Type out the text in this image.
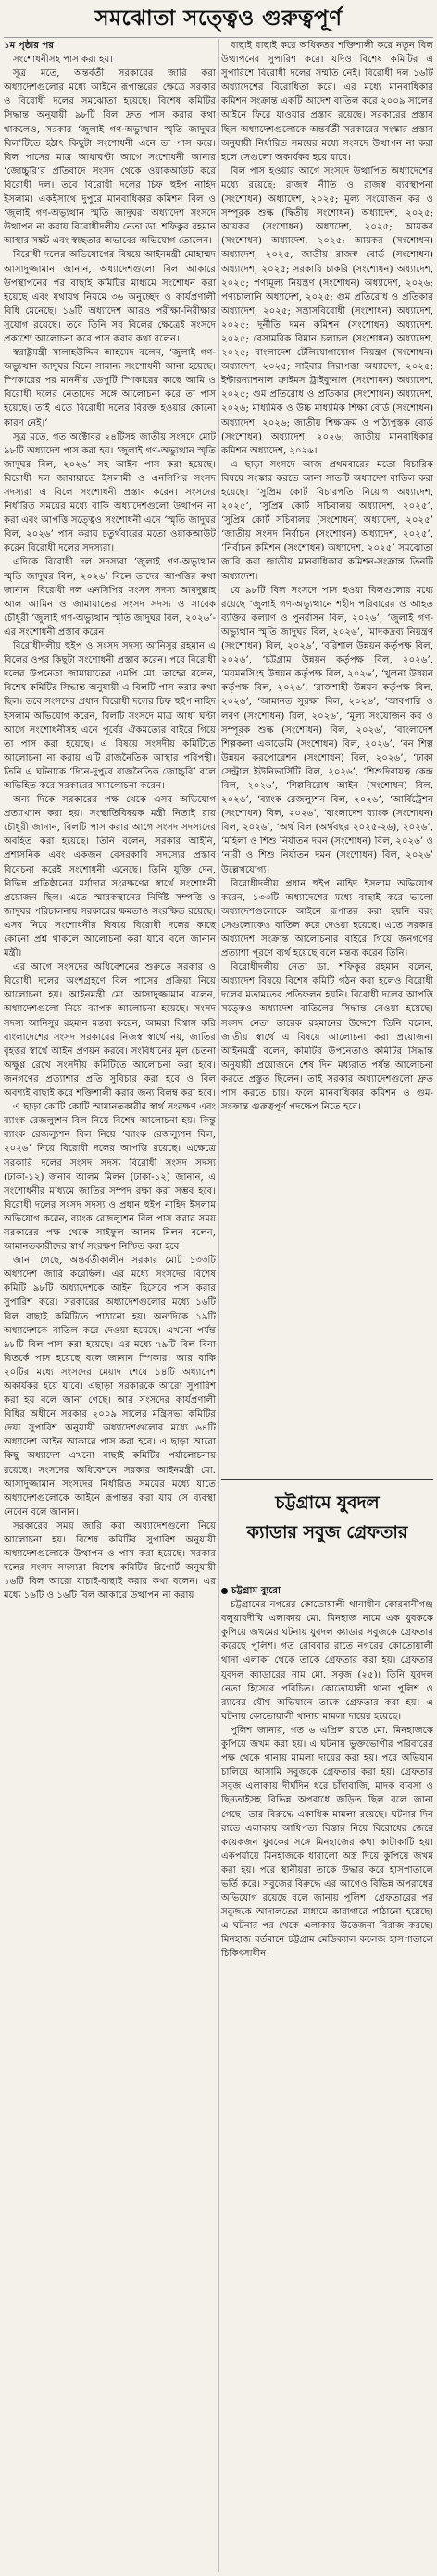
সমঝোতা সত্ত্বেও গুরুত্বপূর্ণ

১ম পৃষ্ঠার পর

সংশোধনীসহ পাস করা হয়।

সূত্র মতে, অন্তর্বর্তী সরকারের জারি করা অধ্যাদেশগুলোর মধ্যে আইনে রূপান্তরের ক্ষেত্রে সরকার ও বিরোধী দলের সমঝোতা হয়েছে। বিশেষ কমিটির সিদ্ধান্ত অনুযায়ী ৯৮টি বিল দ্রুত পাস করার কথা থাকলেও, সরকার ‘জুলাই গণ-অভ্যুত্থান স্মৃতি জাদুঘর বিল’টিতে হঠাৎ কিছুটা সংশোধনী এনে তা পাস করে। বিল পাসের মাত্র আধাঘণ্টা আগে সংশোধনী আনার ‘জোচ্চুরি’র প্রতিবাদে সংসদ থেকে ওয়াকআউট করে বিরোধী দল। তবে বিরোধী দলের চিফ হুইপ নাহিদ ইসলাম। একইসাথে দুপুরে মানবাধিকার কমিশন বিল ও ‘জুলাই গণ-অভ্যুত্থান স্মৃতি জাদুঘর’ অধ্যাদেশ সংসদে উত্থাপন না করায় বিরোধীদলীয় নেতা ডা. শফিকুর রহমান আস্থার সঙ্কট এবং স্বচ্ছতার অভাবের অভিযোগ তোলেন।

বিরোধী দলের অভিযোগের বিষয়ে আইনমন্ত্রী মোহাম্মদ আসাদুজ্জামান জানান, অধ্যাদেশগুলো বিল আকারে উপস্থাপনের পর বাছাই কমিটির মাধ্যমে সংশোধন করা হয়েছে এবং যথাযথ নিয়মে ৩৬ অনুচ্ছেদ ও কার্যপ্রণালী বিধি মেনেছে। ১৬টি অধ্যাদেশ আরও পরীক্ষা-নিরীক্ষার সুযোগ রয়েছে। তবে তিনি সব বিলের ক্ষেত্রেই সংসদে প্রকাশ্যে আলোচনা করে পাস করার কথা বলেন।

স্বরাষ্ট্রমন্ত্রী সালাহউদ্দিন আহমেদ বলেন, ‘জুলাই গণ-অভ্যুত্থান জাদুঘর বিলে সামান্য সংশোধনী আনা হয়েছে। স্পিকারের পর মাননীয় ডেপুটি স্পিকারের কাছে আমি ও বিরোধী দলের নেতাদের সঙ্গে আলোচনা করে তা পাস হয়েছে। তাই এতে বিরোধী দলের বিরক্ত হওয়ার কোনো কারণ নেই।’

সূত্র মতে, গত অক্টোবর ২৪টিসহ জাতীয় সংসদে মোট ৯৮টি অধ্যাদেশ পাস করা হয়। ‘জুলাই গণ-অভ্যুত্থান স্মৃতি জাদুঘর বিল, ২০২৬’ সহ আইন পাস করা হয়েছে। বিরোধী দল জামায়াতে ইসলামী ও এনসিপির সংসদ সদস্যরা এ বিলে সংশোধনী প্রস্তাব করেন। সংসদের নির্ধারিত সময়ের মধ্যে বাকি অধ্যাদেশগুলো উত্থাপন না করা এবং আপত্তি সত্ত্বেও সংশোধনী এনে ‘স্মৃতি জাদুঘর বিল, ২০২৬’ পাস করায় চতুর্থবারের মতো ওয়াকআউট করেন বিরোধী দলের সদস্যরা।

এদিকে বিরোধী দল সদস্যরা ‘জুলাই গণ-অভ্যুত্থান স্মৃতি জাদুঘর বিল, ২০২৬’ বিলে তাদের আপত্তির কথা জানান। বিরোধী দল এনসিপির সংসদ সদস্য আবদুল্লাহ আল আমিন ও জামায়াতের সংসদ সদস্য ও সাবেক চৌধুরী ‘জুলাই গণ-অভ্যুত্থান স্মৃতি জাদুঘর বিল, ২০২৬’-এর সংশোধনী প্রস্তাব করেন।

বিরোধীদলীয় হুইপ ও সংসদ সদস্য আনিসুর রহমান এ বিলের ওপর কিছুটা সংশোধনী প্রস্তাব করেন। পরে বিরোধী দলের উপনেতা জামায়াতের এমপি মো. তাহের বলেন, বিশেষ কমিটির সিদ্ধান্ত অনুযায়ী এ বিলটি পাস করার কথা ছিল। তবে সংসদের প্রধান বিরোধী দলের চিফ হুইপ নাহিদ ইসলাম অভিযোগ করেন, বিলটি সংসদে মাত্র আধা ঘণ্টা আগে সংশোধনীসহ এনে পূর্বের ঐকমত্যের বাইরে গিয়ে তা পাস করা হয়েছে। এ বিষয়ে সংসদীয় কমিটিতে আলোচনা না করায় এটি রাজনৈতিক আস্থার পরিপন্থী। তিনি এ ঘটনাকে ‘দিনে-দুপুরে রাজনৈতিক জোচ্চুরি’ বলে অভিহিত করে সরকারের সমালোচনা করেন।

অন্য দিকে সরকারের পক্ষ থেকে এসব অভিযোগ প্রত্যাখ্যান করা হয়। সংস্থাতিবিষয়ক মন্ত্রী নিতাই রায় চৌধুরী জানান, বিলটি পাস করার আগে সংসদ সদস্যদের অবহিত করা হয়েছে। তিনি বলেন, সরকার আইনি, প্রশাসনিক এবং একজন বেসরকারি সদস্যের প্রস্তাব বিবেচনা করেই সংশোধনী এনেছে। তিনি যুক্তি দেন, বিভিন্ন প্রতিষ্ঠানের মর্যাদার সংরক্ষণের স্বার্থে সংশোধনী প্রয়োজন ছিল। এতে স্মারকস্থানের নির্দিষ্ট সম্পত্তি ও জাদুঘর পরিচালনায় সরকারের ক্ষমতাও সংরক্ষিত রয়েছে। এসব নিয়ে সংশোধনীর বিষয়ে বিরোধী দলের কাছে কোনো প্রশ্ন থাকলে আলোচনা করা যাবে বলে জানান মন্ত্রী।

এর আগে সংসদের অধিবেশনের শুরুতে সরকার ও বিরোধী দলের অংশগ্রহণে বিল পাসের প্রক্রিয়া নিয়ে আলোচনা হয়। আইনমন্ত্রী মো. আসাদুজ্জামান বলেন, অধ্যাদেশগুলো নিয়ে ব্যাপক আলোচনা হয়েছে। সংসদ সদস্য আনিসুর রহমান মন্তব্য করেন, আমরা বিশ্বাস করি বাংলাদেশের সংসদ সরকারের নিজস্ব স্বার্থে নয়, জাতির বৃহত্তর স্বার্থে আইন প্রণয়ন করবে। সংবিধানের মূল চেতনা অক্ষুণ্ণ রেখে সংসদীয় কমিটিতে আলোচনা করা হবে। জনগণের প্রত্যাশার প্রতি সুবিচার করা হবে ও বিল অবশ্যই বাছাই করে শক্তিশালী করার জন্য বিলম্ব করা হবে।

এ ছাড়া কোটি কোটি আমানতকারীর স্বার্থ সংরক্ষণ এবং ব্যাংক রেজল্যুশন বিল নিয়ে বিশেষ আলোচনা হয়। কিন্তু ব্যাংক রেজল্যুশন বিল নিয়ে ‘ব্যাংক রেজল্যুশন বিল, ২০২৬’ নিয়ে বিরোধী দলের আপত্তি রয়েছে। এক্ষেত্রে সরকারি দলের সংসদ সদস্য বিরোধী সংসদ সদস্য (ঢাকা-১২) জনাব আলম মিলন (ঢাকা-১২) জানান, এ সংশোধনীর মাধ্যমে জাতির সম্পদ রক্ষা করা সম্ভব হবে। বিরোধী দলের সংসদ সদস্য ও প্রধান হুইপ নাহিদ ইসলাম অভিযোগ করেন, ব্যাংক রেজল্যুশন বিল পাস করার সময় সরকারের পক্ষ থেকে সাইফুল আলম মিলন বলেন, আমানতকারীদের স্বার্থ সংরক্ষণ নিশ্চিত করা হবে।

জানা গেছে, অন্তর্বর্তীকালীন সরকার মোট ১৩৩টি অধ্যাদেশ জারি করেছিল। এর মধ্যে সংসদের বিশেষ কমিটি ৯৮টি অধ্যাদেশকে আইন হিসেবে পাস করার সুপারিশ করে। সরকারের অধ্যাদেশগুলোর মধ্যে ১৬টি বিল বাছাই কমিটিতে পাঠানো হয়। অন্যদিকে ১৯টি অধ্যাদেশকে বাতিল করে দেওয়া হয়েছে। এখনো পর্যন্ত ৯৮টি বিল পাস করা হয়েছে। এর মধ্যে ৭৯টি বিল বিনা বিতর্কে পাস হয়েছে বলে জানান স্পিকার। আর বাকি ২০টির মধ্যে সংসদের মেয়াদ শেষে ১৪টি অধ্যাদেশ অকার্যকর হয়ে যাবে। এছাড়া সরকারকে আরো সুপারিশ করা হয় বলে জানা গেছে। আর সংসদের কার্যপ্রণালী বিধির অধীনে সরকার ২০০৯ সালের মন্ত্রিসভা কমিটির দেয়া সুপারিশ অনুযায়ী অধ্যাদেশগুলোর মধ্যে ৬৪টি অধ্যাদেশ আইন আকারে পাস করা হবে। এ ছাড়া আরো কিছু অধ্যাদেশ এখনো বাছাই কমিটির পর্যালোচনায় রয়েছে। সংসদের অধিবেশনে সরকার আইনমন্ত্রী মো. আসাদুজ্জামান সংসদের নির্ধারিত সময়ের মধ্যে যাতে অধ্যাদেশগুলোকে আইনে রূপান্তর করা যায় সে ব্যবস্থা নেবেন বলে জানান।

সরকারের সময় জারি করা অধ্যাদেশগুলো নিয়ে আলোচনা হয়। বিশেষ কমিটির সুপারিশ অনুযায়ী অধ্যাদেশগুলোকে উত্থাপন ও পাস করা হয়েছে। সরকার দলের সংসদ সদস্যরা বিশেষ কমিটির রিপোর্ট অনুযায়ী ১৬টি বিল আরো যাচাই-বাছাই করার কথা বলেন। এর মধ্যে ১৬টি ও ১৬টি বিল আকারে উত্থাপন না করায়

বাছাই বাছাই করে অধিকতর শক্তিশালী করে নতুন বিল উত্থাপনের সুপারিশ করে। যদিও বিশেষ কমিটির এ সুপারিশে বিরোধী দলের সম্মতি নেই। বিরোধী দল ১৬টি অধ্যাদেশের বিরোধিতা করে। এর মধ্যে মানবাধিকার কমিশন সংক্রান্ত একটি আদেশ বাতিল করে ২০০৯ সালের আইনে ফিরে যাওয়ার প্রস্তাব রয়েছে। সরকারের প্রস্তাব ছিল অধ্যাদেশগুলোকে অন্তর্বর্তী সরকারের সংস্কার প্রস্তাব অনুযায়ী নির্ধারিত সময়ের মধ্যে সংসদে উত্থাপন না করা হলে সেগুলো অকার্যকর হয়ে যাবে।

বিল পাস হওয়ার আগে সংসদে উত্থাপিত অধ্যাদেশের মধ্যে রয়েছে: রাজস্ব নীতি ও রাজস্ব ব্যবস্থাপনা (সংশোধন) অধ্যাদেশ, ২০২৫; মূল্য সংযোজন কর ও সম্পূরক শুল্ক (দ্বিতীয় সংশোধন) অধ্যাদেশ, ২০২৫; আয়কর (সংশোধন) অধ্যাদেশ, ২০২৫; আয়কর (সংশোধন) অধ্যাদেশ, ২০২৫; আয়কর (সংশোধন) অধ্যাদেশ, ২০২৫; জাতীয় রাজস্ব বোর্ড (সংশোধন) অধ্যাদেশ, ২০২৫; সরকারি চাকরি (সংশোধন) অধ্যাদেশ, ২০২৫; পণ্যমূল্য নিয়ন্ত্রণ (সংশোধন) অধ্যাদেশ, ২০২৬; পণ্যচালানি অধ্যাদেশ, ২০২৫; গুম প্রতিরোধ ও প্রতিকার অধ্যাদেশ, ২০২৫; সন্ত্রাসবিরোধী (সংশোধন) অধ্যাদেশ, ২০২৫; দুর্নীতি দমন কমিশন (সংশোধন) অধ্যাদেশ, ২০২৫; বেসামরিক বিমান চলাচল (সংশোধন) অধ্যাদেশ, ২০২৫; বাংলাদেশ টেলিযোগাযোগ নিয়ন্ত্রণ (সংশোধন) অধ্যাদেশ, ২০২৫; সাইবার নিরাপত্তা অধ্যাদেশ, ২০২৫; ইন্টারন্যাশনাল ক্রাইমস ট্রাইব্যুনাল (সংশোধন) অধ্যাদেশ, ২০২৫; গুম প্রতিরোধ ও প্রতিকার (সংশোধন) অধ্যাদেশ, ২০২৬; মাধ্যমিক ও উচ্চ মাধ্যমিক শিক্ষা বোর্ড (সংশোধন) অধ্যাদেশ, ২০২৬; জাতীয় শিক্ষাক্রম ও পাঠ্যপুস্তক বোর্ড (সংশোধন) অধ্যাদেশ, ২০২৬; জাতীয় মানবাধিকার কমিশন অধ্যাদেশ, ২০২৬।

এ ছাড়া সংসদে আজ প্রথমবারের মতো বিচারিক বিষয়ে সংস্কার করতে আনা সাতটি অধ্যাদেশ বাতিল করা হয়েছে। ‘সুপ্রিম কোর্ট বিচারপতি নিয়োগ অধ্যাদেশ, ২০২৫’, ‘সুপ্রিম কোর্ট সচিবালয় অধ্যাদেশ, ২০২৫’, ‘সুপ্রিম কোর্ট সচিবালয় (সংশোধন) অধ্যাদেশ, ২০২৫’ ‘জাতীয় সংসদ নির্বাচন (সংশোধন) অধ্যাদেশ, ২০২৫’, ‘নির্বাচন কমিশন (সংশোধন) অধ্যাদেশ, ২০২৫’ সমঝোতা জারি করা জাতীয় মানবাধিকার কমিশন-সংক্রান্ত তিনটি অধ্যাদেশ।

যে ৯৮টি বিল সংসদে পাস হওয়া বিলগুলোর মধ্যে রয়েছে ‘জুলাই গণ-অভ্যুত্থানে শহীদ পরিবারের ও আহত ব্যক্তির কল্যাণ ও পুনর্বাসন বিল, ২০২৬’, ‘জুলাই গণ-অভ্যুত্থান স্মৃতি জাদুঘর বিল, ২০২৬’, ‘মাদকদ্রব্য নিয়ন্ত্রণ (সংশোধন) বিল, ২০২৬’, ‘বরিশাল উন্নয়ন কর্তৃপক্ষ বিল, ২০২৬’, ‘চট্টগ্রাম উন্নয়ন কর্তৃপক্ষ বিল, ২০২৬’, ‘ময়মনসিংহ উন্নয়ন কর্তৃপক্ষ বিল, ২০২৬’, ‘খুলনা উন্নয়ন কর্তৃপক্ষ বিল, ২০২৬’, ‘রাজশাহী উন্নয়ন কর্তৃপক্ষ বিল, ২০২৬’, ‘আমানত সুরক্ষা বিল, ২০২৬’, ‘আবগারি ও লবণ (সংশোধন) বিল, ২০২৬’, ‘মূল্য সংযোজন কর ও সম্পূরক শুল্ক (সংশোধন) বিল, ২০২৬’, ‘বাংলাদেশ শিল্পকলা একাডেমি (সংশোধন) বিল, ২০২৬’, ‘বন শিল্প উন্নয়ন করপোরেশন (সংশোধন) বিল, ২০২৬’, ‘ঢাকা সেন্ট্রাল ইউনিভার্সিটি বিল, ২০২৬’, ‘শিশুদিবাযত্ন কেন্দ্র বিল, ২০২৬’, ‘শিল্পবিরোধ আইন (সংশোধন) বিল, ২০২৬’, ‘ব্যাংক রেজল্যুশন বিল, ২০২৬’, ‘আর্বিট্রেশন (সংশোধন) বিল, ২০২৬’, ‘বাংলাদেশ ব্যাংক (সংশোধন) বিল, ২০২৬’, ‘অর্থ বিল (অর্থবছর ২০২৫-২৬), ২০২৬’, ‘মহিলা ও শিশু নির্যাতন দমন (সংশোধন) বিল, ২০২৬’ ও ‘নারী ও শিশু নির্যাতন দমন (সংশোধন) বিল, ২০২৬’ উল্লেখযোগ্য।

বিরোধীদলীয় প্রধান হুইপ নাহিদ ইসলাম অভিযোগ করেন, ১৩৩টি অধ্যাদেশের মধ্যে বাছাই করে ভালো অধ্যাদেশগুলোকে আইনে রূপান্তর করা হয়নি বরং সেগুলোকেও বাতিল করে দেওয়া হয়েছে। এতে সরকার অধ্যাদেশ সংক্রান্ত আলোচনার বাইরে গিয়ে জনগণের প্রত্যাশা পূরণে ব্যর্থ হয়েছে বলে মন্তব্য করেন তিনি।

বিরোধীদলীয় নেতা ডা. শফিকুর রহমান বলেন, অধ্যাদেশ বিষয়ে বিশেষ কমিটি গঠন করা হলেও বিরোধী দলের মতামতের প্রতিফলন হয়নি। বিরোধী দলের আপত্তি সত্ত্বেও অধ্যাদেশ বাতিলের সিদ্ধান্ত নেওয়া হয়েছে। সংসদ নেতা তারেক রহমানের উদ্দেশে তিনি বলেন, জাতীয় স্বার্থে এ বিষয়ে আলোচনা করা প্রয়োজন। আইনমন্ত্রী বলেন, কমিটির উপনেতাও কমিটির সিদ্ধান্ত অনুযায়ী প্রয়োজনে শেষ দিন মধ্যরাত পর্যন্ত আলোচনা করতে প্রস্তুত ছিলেন। তাই সরকার অধ্যাদেশগুলো দ্রুত পাস করতে চায়। ফলে মানবাধিকার কমিশন ও গুম-সংক্রান্ত গুরুত্বপূর্ণ পদক্ষেপ নিতে হবে।

চট্টগ্রামে যুবদল
ক্যাডার সবুজ গ্রেফতার

চট্টগ্রাম ব্যুরো

চট্টগ্রামের নগরের কোতোয়ালী থানাধীন কোরবানীগঞ্জ বলুয়ারদীঘি এলাকায় মো. মিনহাজ নামে এক যুবককে কুপিয়ে জখমের ঘটনায় যুবদল ক্যাডার সবুজকে গ্রেফতার করেছে পুলিশ। গত রোববার রাতে নগরের কোতোয়ালী থানা এলাকা থেকে তাকে গ্রেফতার করা হয়। গ্রেফতার যুবদল ক্যাডারের নাম মো. সবুজ (২৫)। তিনি যুবদল নেতা হিসেবে পরিচিত। কোতোয়ালী থানা পুলিশ ও র‍্যাবের যৌথ অভিযানে তাকে গ্রেফতার করা হয়। এ ঘটনায় কোতোয়ালী থানায় মামলা দায়ের হয়েছে।

পুলিশ জানায়, গত ৬ এপ্রিল রাতে মো. মিনহাজকে কুপিয়ে জখম করা হয়। এ ঘটনায় ভুক্তভোগীর পরিবারের পক্ষ থেকে থানায় মামলা দায়ের করা হয়। পরে অভিযান চালিয়ে আসামি সবুজকে গ্রেফতার করা হয়। গ্রেফতার সবুজ এলাকায় দীর্ঘদিন ধরে চাঁদাবাজি, মাদক ব্যবসা ও ছিনতাইসহ বিভিন্ন অপরাধে জড়িত ছিল বলে জানা গেছে। তার বিরুদ্ধে একাধিক মামলা রয়েছে। ঘটনার দিন রাতে এলাকায় আধিপত্য বিস্তার নিয়ে বিরোধের জেরে কয়েকজন যুবকের সঙ্গে মিনহাজের কথা কাটাকাটি হয়। একপর্যায়ে মিনহাজকে ধারালো অস্ত্র দিয়ে কুপিয়ে জখম করা হয়। পরে স্থানীয়রা তাকে উদ্ধার করে হাসপাতালে ভর্তি করে। সবুজের বিরুদ্ধে এর আগেও বিভিন্ন অপরাধের অভিযোগ রয়েছে বলে জানায় পুলিশ। গ্রেফতারের পর সবুজকে আদালতের মাধ্যমে কারাগারে পাঠানো হয়েছে। এ ঘটনার পর থেকে এলাকায় উত্তেজনা বিরাজ করছে। মিনহাজ বর্তমানে চট্টগ্রাম মেডিক্যাল কলেজ হাসপাতালে চিকিৎসাধীন।
